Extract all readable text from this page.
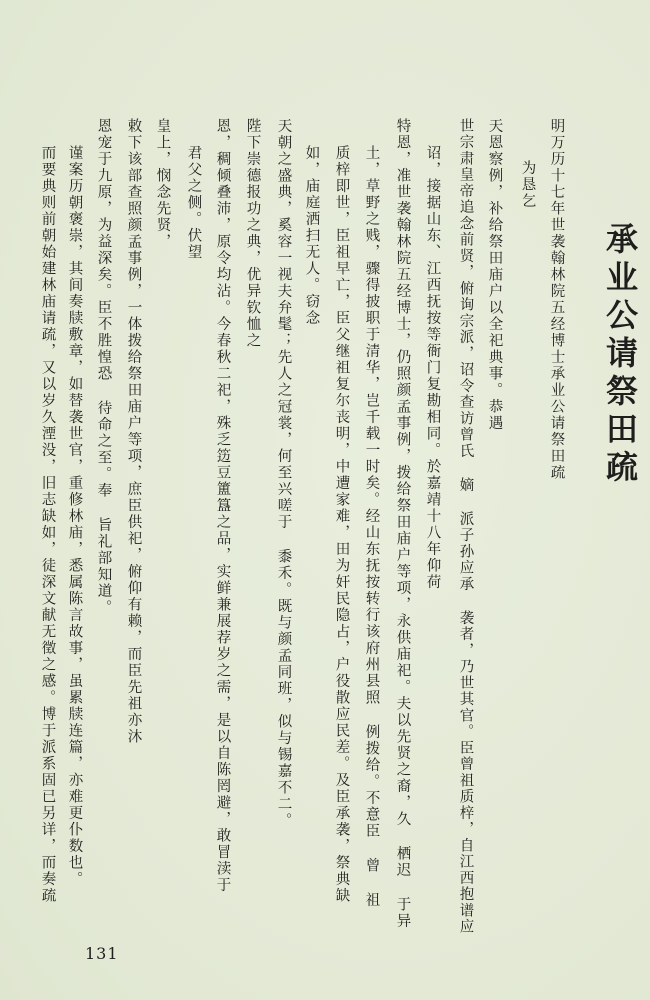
承业公请祭田疏
明万历十七年世袭翰林院五经博士承业公请祭田疏
为恳乞
天恩察例，补给祭田庙户以全祀典事。恭遇
世宗肃皇帝追念前贤，俯询宗派，诏令查访曾氏 嫡 派子孙应承 袭者，乃世其官。臣曾祖质梓，自江西抱谱应
诏，接据山东、江西抚按等衙门复勘相同。於嘉靖十八年仰荷
特恩，准世袭翰林院五经博士，仍照颜孟事例，拨给祭田庙户等项，永供庙祀。夫以先贤之裔，久 栖迟 于异
土，草野之贱，骤得披职于清华，岂千载一时矣。经山东抚按转行该府州县照 例拨给。不意臣 曾 祖
质梓即世，臣祖早亡，臣父继祖复尔丧明，中遭家难，田为奸民隐占，户役散应民差。及臣承袭，祭典缺
如，庙庭洒扫无人。窃念
天朝之盛典，奚容一视夫弁髦；先人之冠裳，何至兴嗟于 黍禾。既与颜孟同班，似与锡嘉不二。
陛下崇德报功之典，优异钦恤之
恩，稠倾叠沛，原令均沾。今春秋二祀，殊乏笾豆簠簋之品，实鲜兼展荐岁之需，是以自陈罔避，敢冒渎于
君父之侧。伏望
皇上，悯念先贤，
敕下该部查照颜孟事例，一体拨给祭田庙户等项，庶臣供祀，俯仰有赖，而臣先祖亦沐
恩宠于九原，为益深矣。臣不胜惶恐 待命之至。奉 旨礼部知道。
谨案历朝褒崇，其间奏牍敷章，如替袭世官，重修林庙，悉属陈言故事，虽累牍连篇，亦难更仆数也。
而要典则前朝始建林庙请疏，又以岁久湮没，旧志缺如，徒深文献无徵之感。博于派系固已另详，而奏疏
131
